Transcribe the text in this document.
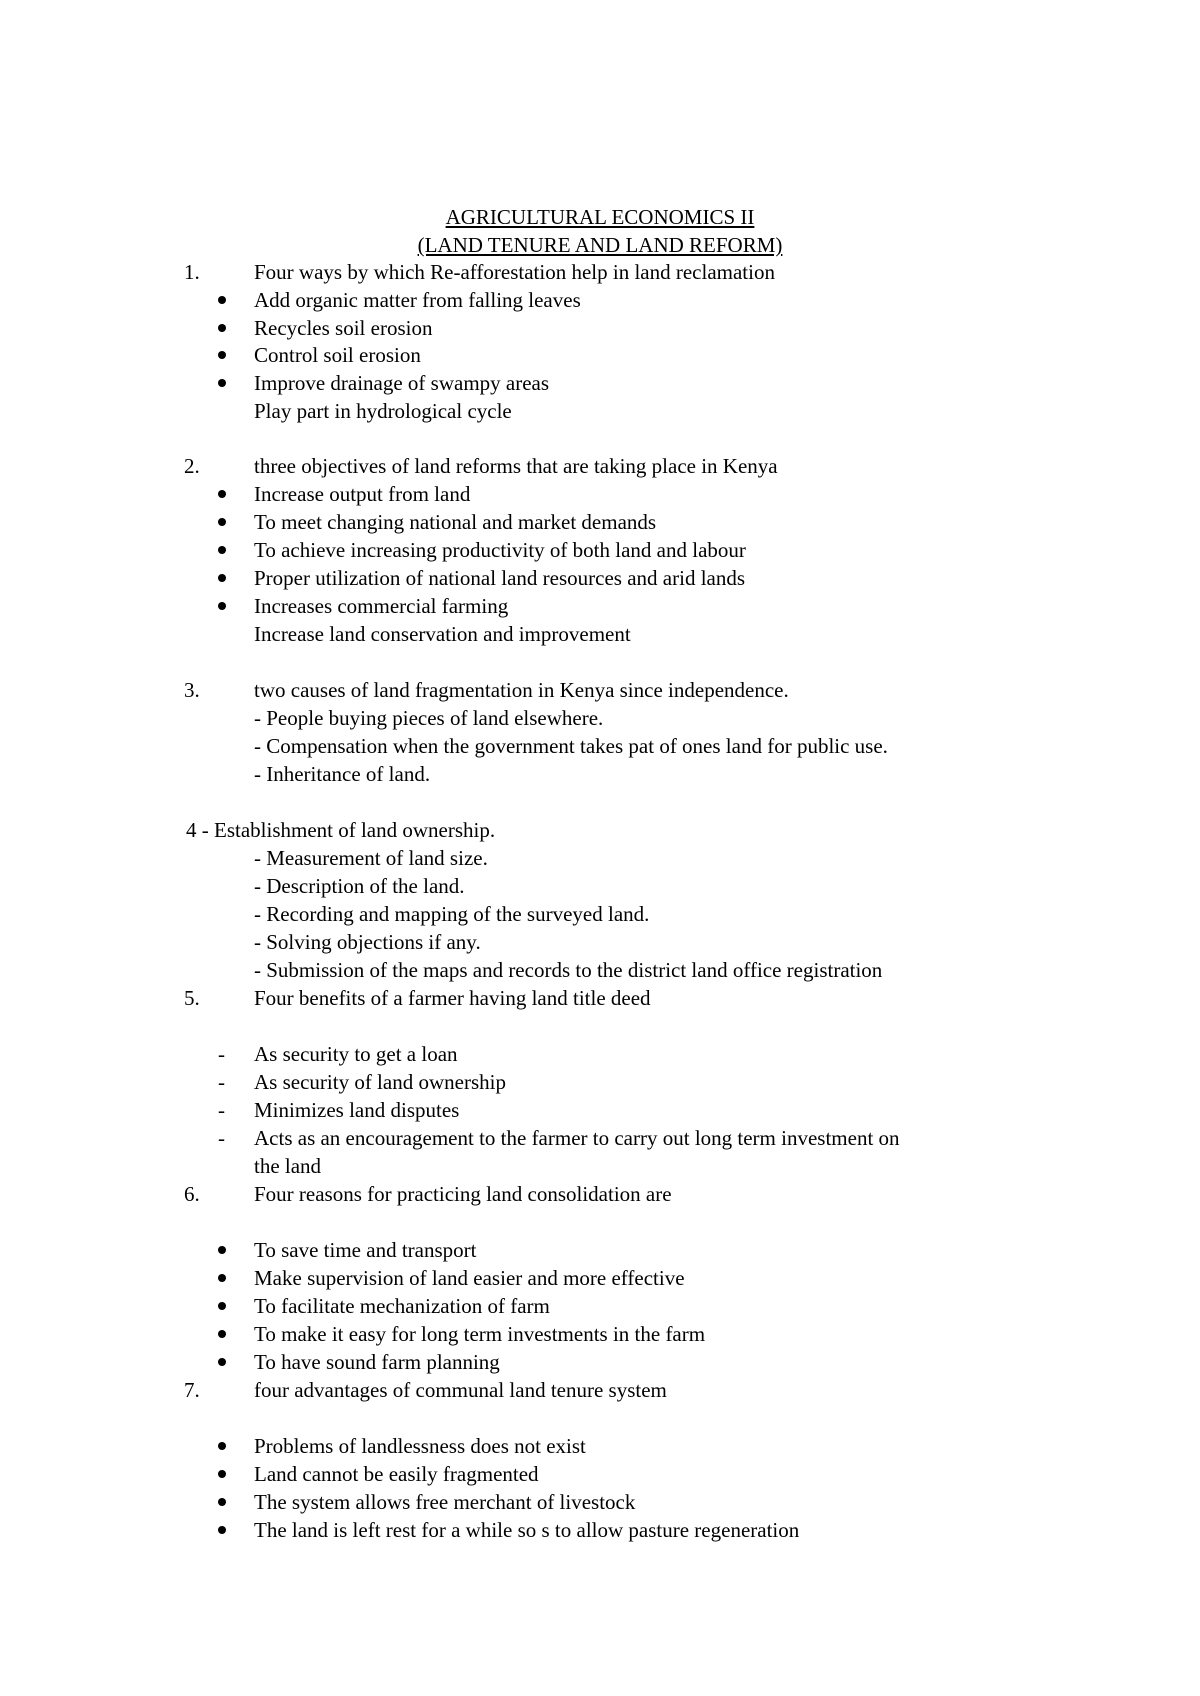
AGRICULTURAL ECONOMICS II
(LAND TENURE AND LAND REFORM)
1.	Four ways by which Re-afforestation help in land reclamation
Add organic matter from falling leaves
Recycles soil erosion
Control soil erosion
Improve drainage of swampy areas
Play part in hydrological cycle
2.	three objectives of land reforms that are taking place in Kenya
Increase output from land
To meet changing national and market demands
To achieve increasing productivity of both land and labour
Proper utilization of national land resources and arid lands
Increases commercial farming
Increase land conservation and improvement
3.	two causes of land fragmentation in Kenya since independence.
- People buying pieces of land elsewhere.
- Compensation when the government takes pat of ones land for public use.
- Inheritance of land.
4 - Establishment of land ownership.
- Measurement of land size.
- Description of the land.
- Recording and mapping of the surveyed land.
- Solving objections if any.
- Submission of the maps and records to the district land office registration
5.	Four benefits of a farmer having land title deed
- As security to get a loan
- As security of land ownership
- Minimizes land disputes
- Acts as an encouragement to the farmer to carry out long term investment on
the land
6.	Four reasons for practicing land consolidation are
To save time and transport
Make supervision of land easier and more effective
To facilitate mechanization of farm
To make it easy for long term investments in the farm
To have sound farm planning
7.	four advantages of communal land tenure system
Problems of landlessness does not exist
Land cannot be easily fragmented
The system allows free merchant of livestock
The land is left rest for a while so s to allow pasture regeneration
